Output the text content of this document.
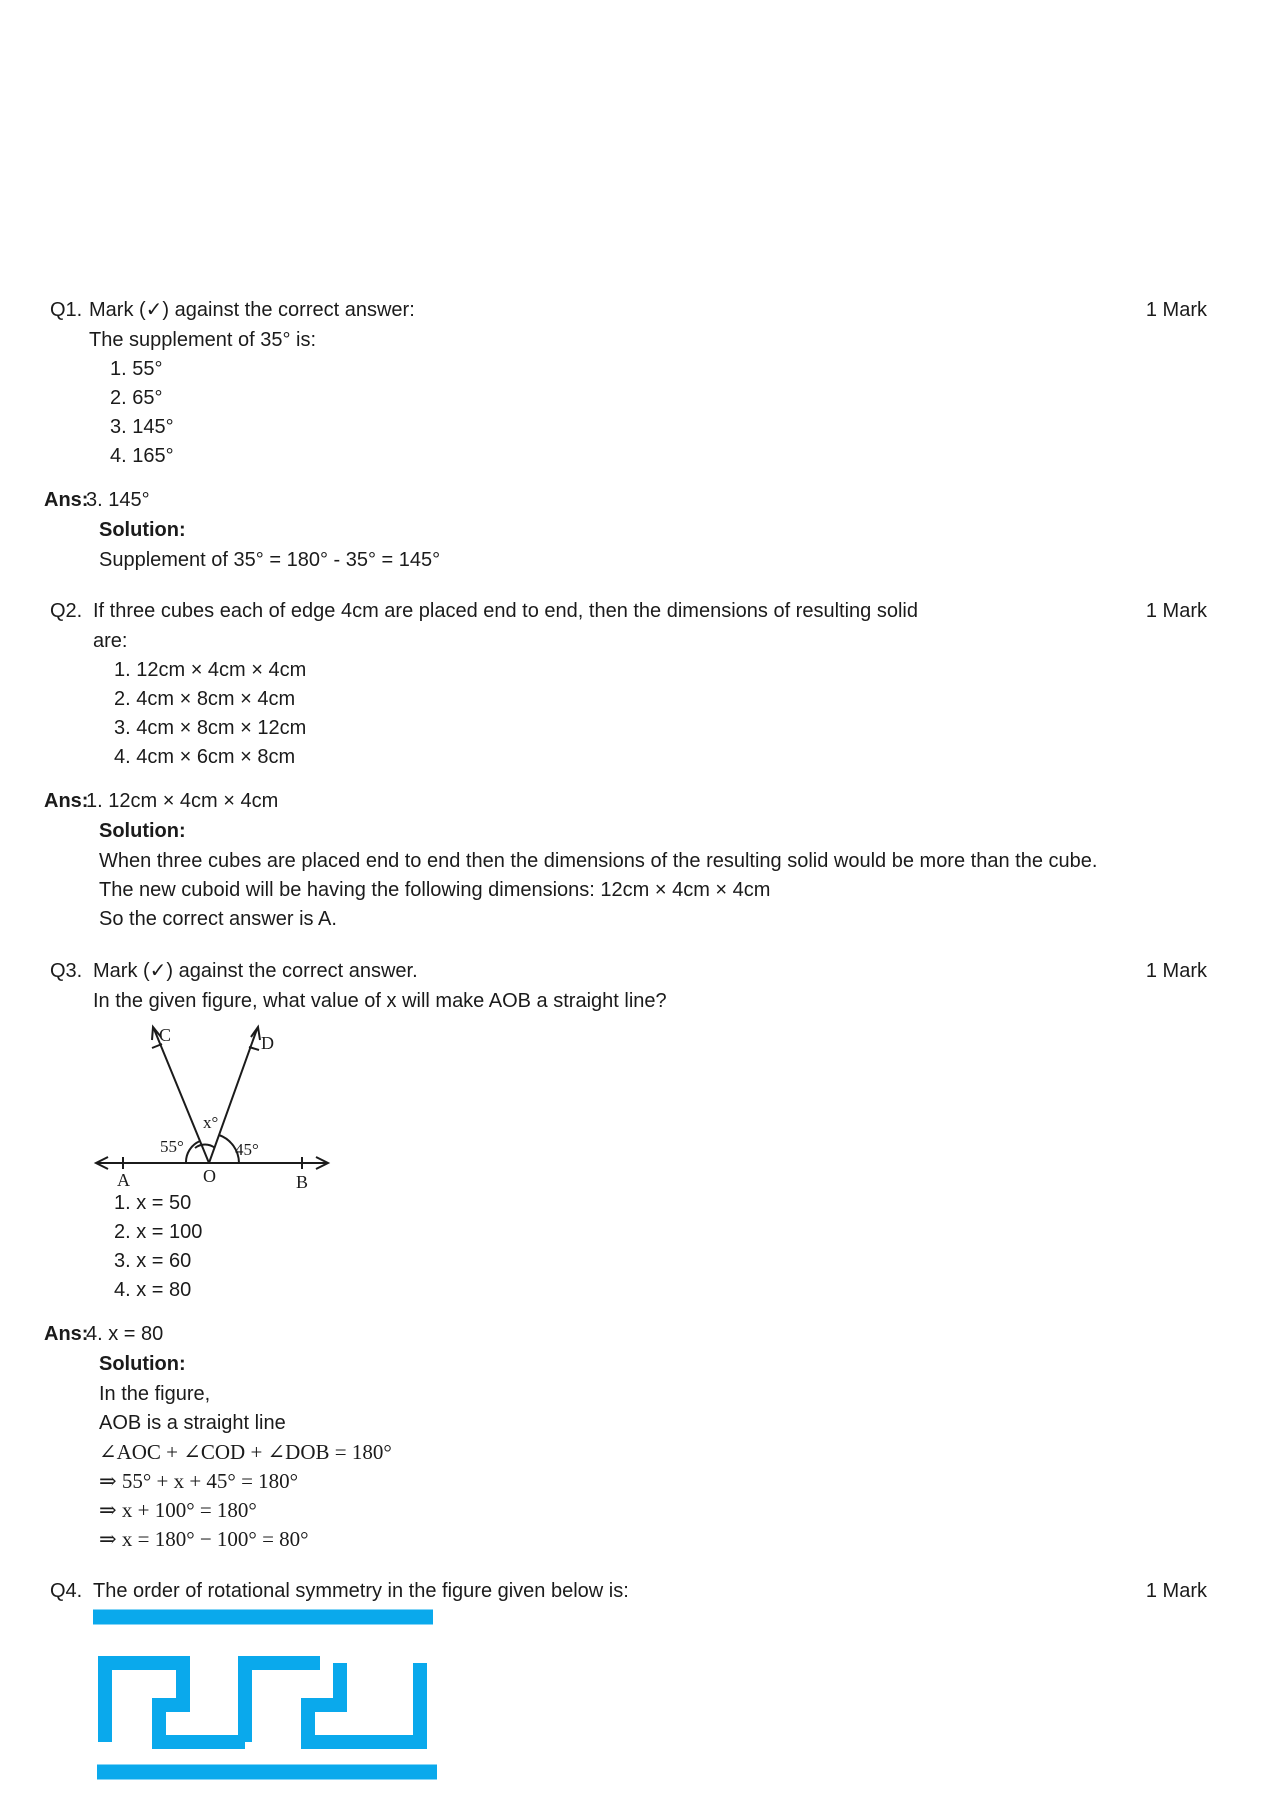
Q1. Mark (✓) against the correct answer:	1 Mark
The supplement of 35° is:
1. 55°
2. 65°
3. 145°
4. 165°
Ans:
3. 145°
Solution:
Supplement of 35° = 180° - 35° = 145°
Q2. If three cubes each of edge 4cm are placed end to end, then the dimensions of resulting solid	1 Mark
are:
1. 12cm × 4cm × 4cm
2. 4cm × 8cm × 4cm
3. 4cm × 8cm × 12cm
4. 4cm × 6cm × 8cm
Ans:
1. 12cm × 4cm × 4cm
Solution:
When three cubes are placed end to end then the dimensions of the resulting solid would be more than the cube.
The new cuboid will be having the following dimensions: 12cm × 4cm × 4cm
So the correct answer is A.
Q3. Mark (✓) against the correct answer.	1 Mark
In the given figure, what value of x will make AOB a straight line?
C	D
A	O	B
55°
x°
45°
1. x = 50
2. x = 100
3. x = 60
4. x = 80
Ans:
4. x = 80
Solution:
In the figure,
AOB is a straight line
∠AOC + ∠COD + ∠DOB = 180°
⇒ 55° + x + 45° = 180°
⇒ x + 100° = 180°
⇒ x = 180° − 100° = 80°
Q4. The order of rotational symmetry in the figure given below is:	1 Mark
